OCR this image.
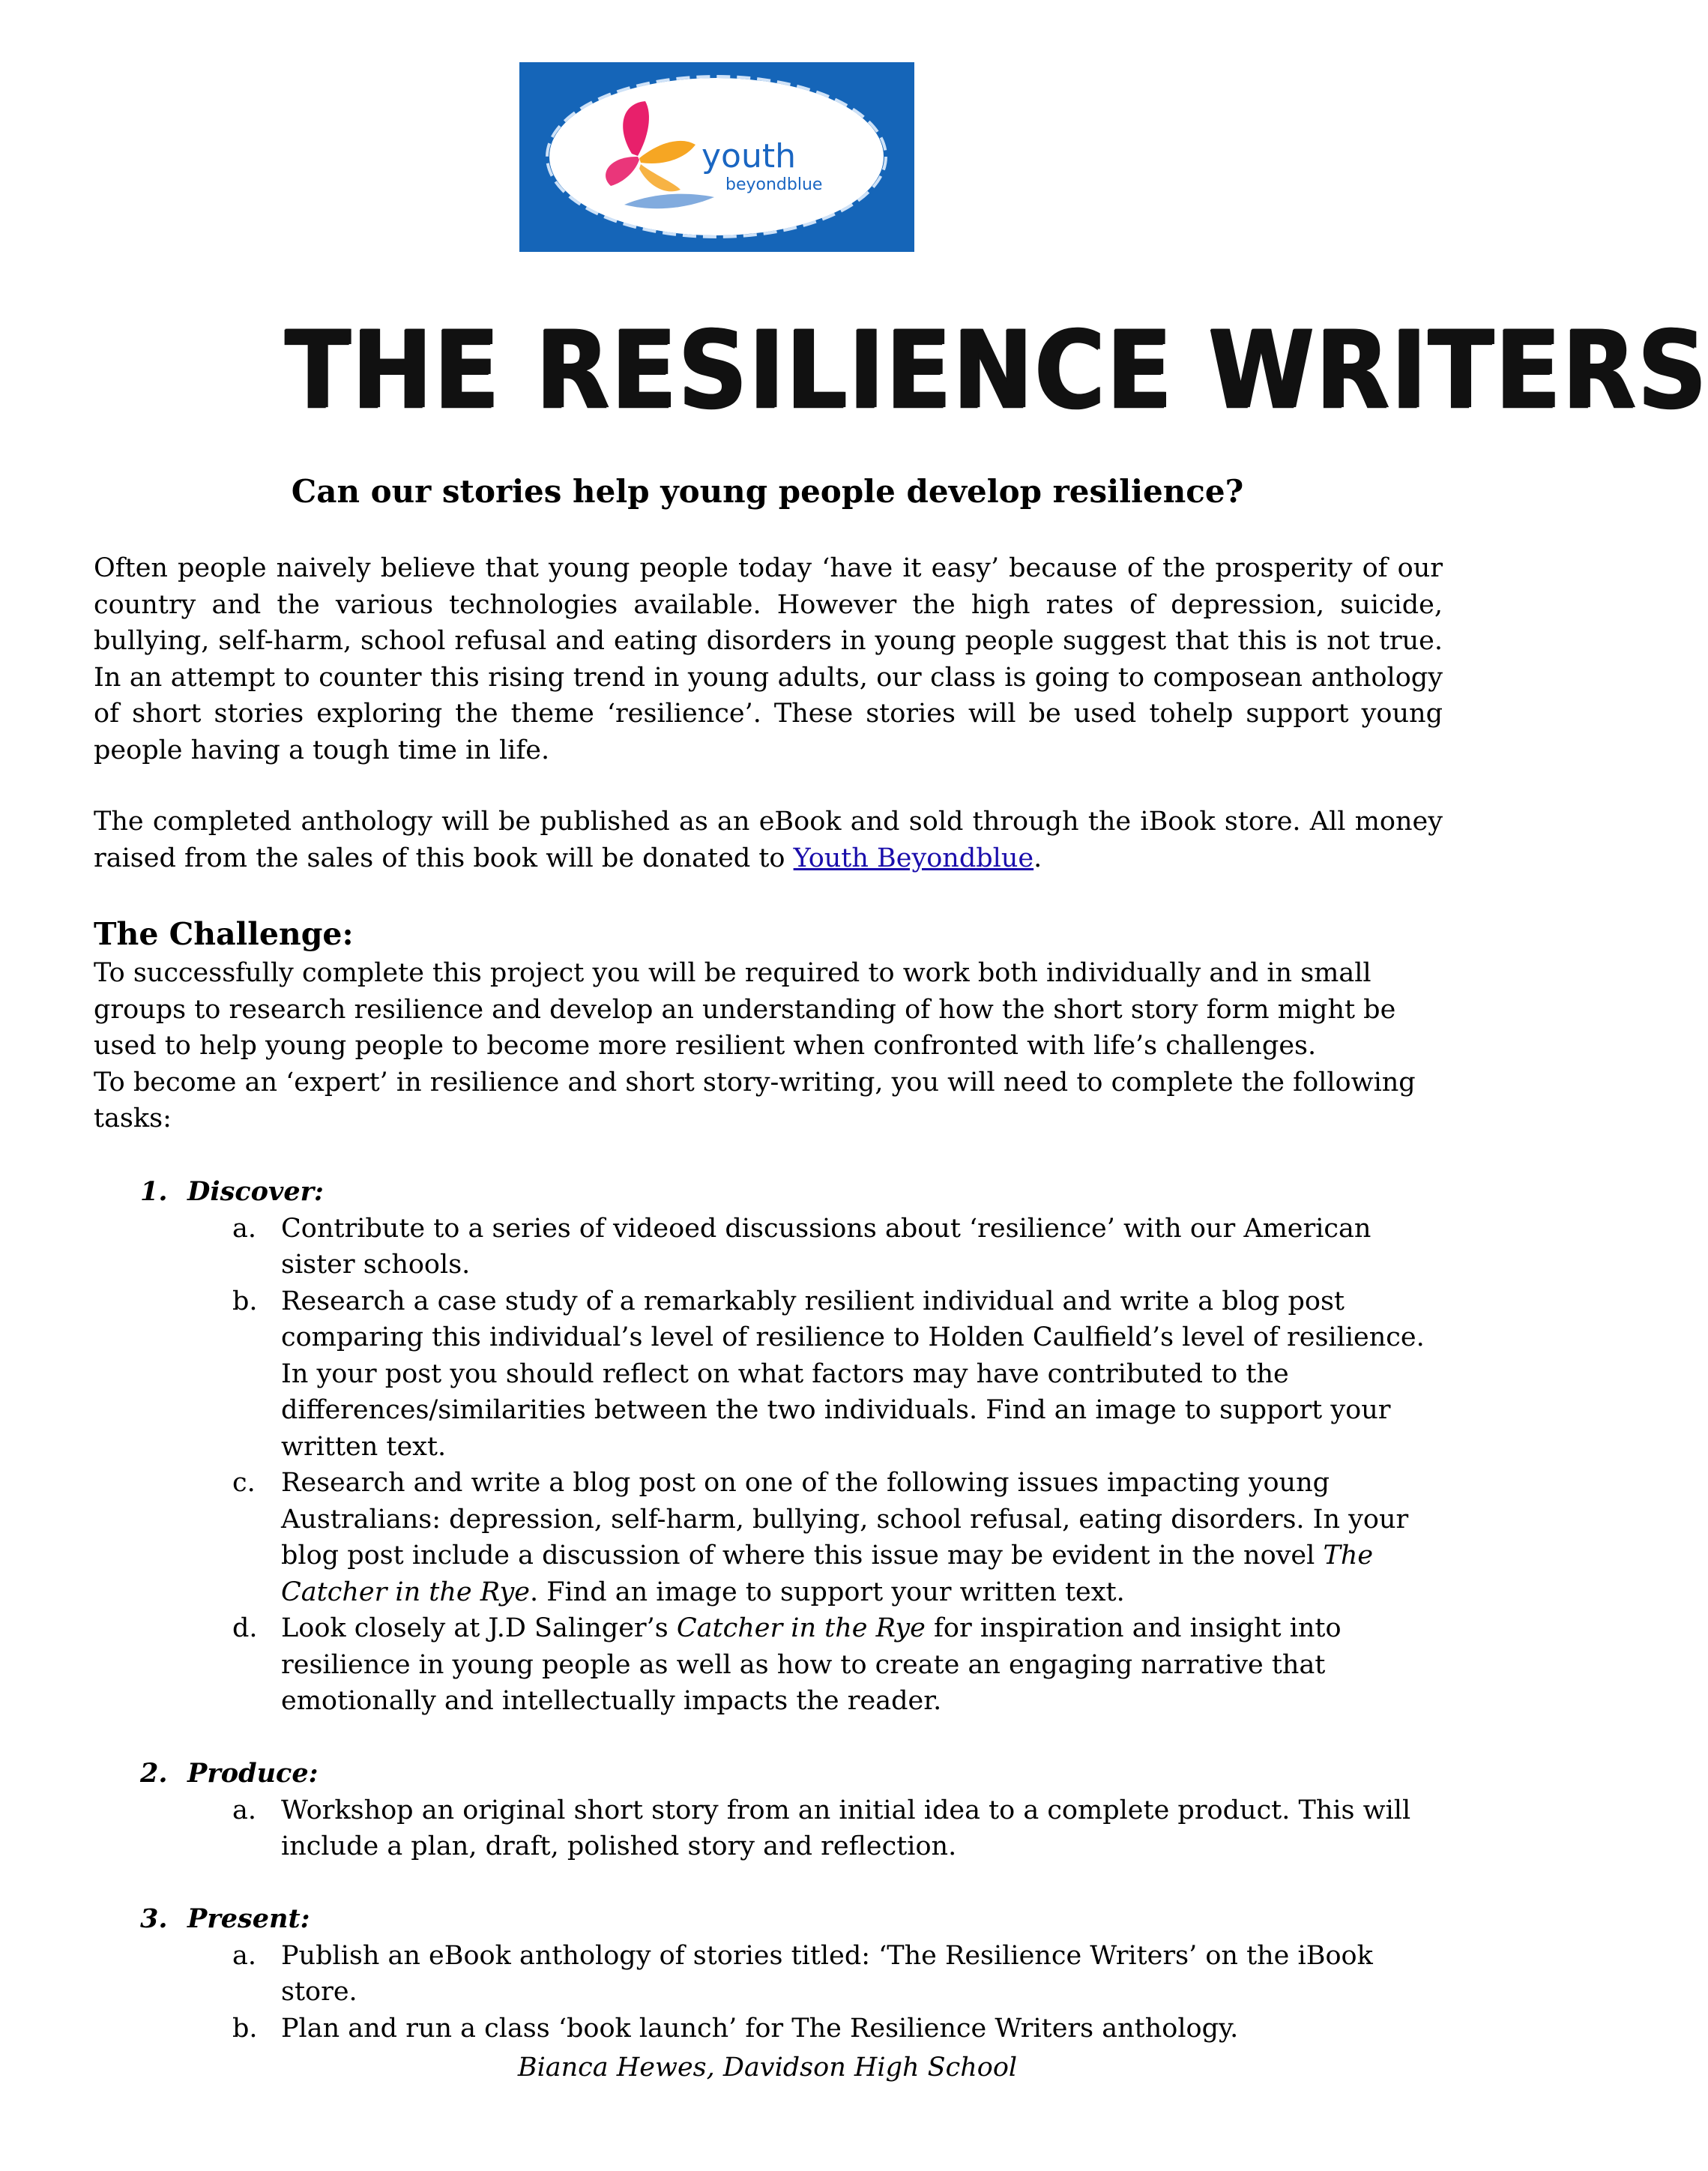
youth
beyondblue
THE RESILIENCE WRITERS
Can our stories help young people develop resilience?
Often people naively believe that young people today ‘have it easy’ because of the prosperity of our country and the various technologies available. However the high rates of depression, suicide, bullying, self-harm, school refusal and eating disorders in young people suggest that this is not true. In an attempt to counter this rising trend in young adults, our class is going to composean anthology of short stories exploring the theme ‘resilience’. These stories will be used tohelp support young people having a tough time in life.
The completed anthology will be published as an eBook and sold through the iBook store. All money raised from the sales of this book will be donated to Youth Beyondblue.
The Challenge:
To successfully complete this project you will be required to work both individually and in small groups to research resilience and develop an understanding of how the short story form might be used to help young people to become more resilient when confronted with life’s challenges.
To become an ‘expert’ in resilience and short story-writing, you will need to complete the following tasks:
1. Discover:
a. Contribute to a series of videoed discussions about ‘resilience’ with our American sister schools.
b. Research a case study of a remarkably resilient individual and write a blog post comparing this individual’s level of resilience to Holden Caulfield’s level of resilience. In your post you should reflect on what factors may have contributed to the differences/similarities between the two individuals. Find an image to support your written text.
c. Research and write a blog post on one of the following issues impacting young Australians: depression, self-harm, bullying, school refusal, eating disorders. In your blog post include a discussion of where this issue may be evident in the novel The Catcher in the Rye. Find an image to support your written text.
d. Look closely at J.D Salinger’s Catcher in the Rye for inspiration and insight into resilience in young people as well as how to create an engaging narrative that emotionally and intellectually impacts the reader.
2. Produce:
a. Workshop an original short story from an initial idea to a complete product. This will include a plan, draft, polished story and reflection.
3. Present:
a. Publish an eBook anthology of stories titled: ‘The Resilience Writers’ on the iBook store.
b. Plan and run a class ‘book launch’ for The Resilience Writers anthology.
Bianca Hewes, Davidson High School
